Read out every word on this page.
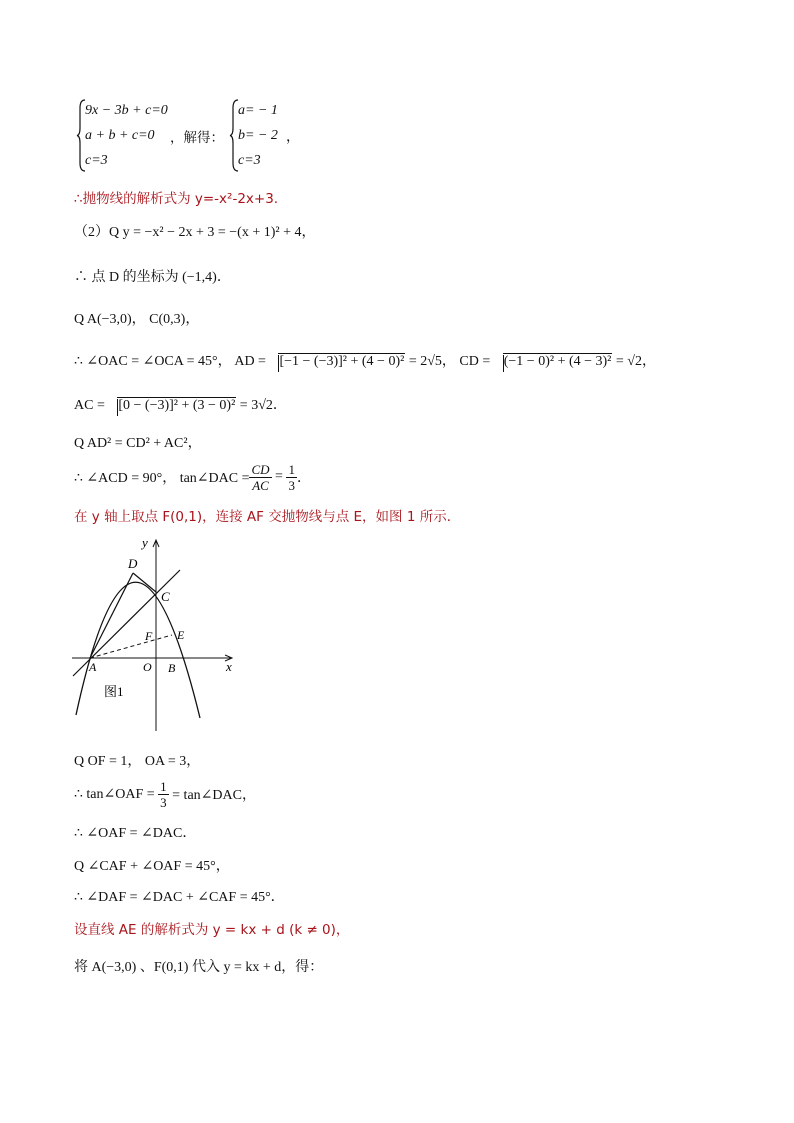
9x − 3b + c=0
a + b + c=0
c=3
，解得：
a= − 1
b= − 2
c=3
，
∴抛物线的解析式为 y=-x²-2x+3.
（2）Q y = −x² − 2x + 3 = −(x + 1)² + 4，
∴ 点 D 的坐标为 (−1,4)．
Q A(−3,0)， C(0,3)，
∴ ∠OAC = ∠OCA = 45°， AD = [−1 − (−3)]² + (4 − 0)² = 2√5， CD = (−1 − 0)² + (4 − 3)² = √2，
AC = [0 − (−3)]² + (3 − 0)² = 3√2．
Q AD² = CD² + AC²，
∴ ∠ACD = 90°， tan∠DAC = $\frac{CD}{AC} = \frac{1}{3}$ ．
在 y 轴上取点 F(0,1)，连接 AF 交抛物线与点 E，如图 1 所示．
y
x
D
C
F E
A	O B
图1
Q OF = 1， OA = 3，
∴ tan∠OAF = $\frac{1}{3}$ = tan∠DAC，
∴ ∠OAF = ∠DAC．
Q ∠CAF + ∠OAF = 45°，
∴ ∠DAF = ∠DAC + ∠CAF = 45°．
设直线 AE 的解析式为 y = kx + d (k ≠ 0)，
将 A(−3,0) 、F(0,1) 代入 y = kx + d，得：
